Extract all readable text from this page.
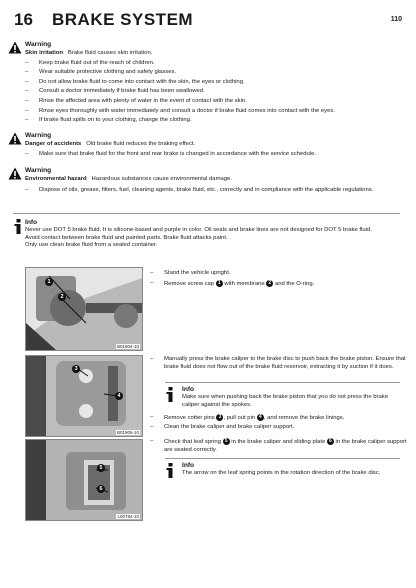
16 BRAKE SYSTEM	110
Warning
Skin irritation Brake fluid causes skin irritation.
– Keep brake fluid out of the reach of children.
– Wear suitable protective clothing and safety glasses.
– Do not allow brake fluid to come into contact with the skin, the eyes or clothing.
– Consult a doctor immediately if brake fluid has been swallowed.
– Rinse the affected area with plenty of water in the event of contact with the skin.
– Rinse eyes thoroughly with water immediately and consult a doctor if brake fluid comes into contact with the eyes.
– If brake fluid spills on to your clothing, change the clothing.
Warning
Danger of accidents Old brake fluid reduces the braking effect.
– Make sure that brake fluid for the front and rear brake is changed in accordance with the service schedule.
Warning
Environmental hazard Hazardous substances cause environmental damage.
– Dispose of oils, grease, filters, fuel, cleaning agents, brake fluid, etc., correctly and in compliance with the applicable regulations.
Info
Never use DOT 5 brake fluid. It is silicone-based and purple in color. Oil seals and brake lines are not designed for DOT 5 brake fluid.
Avoid contact between brake fluid and painted parts. Brake fluid attacks paint.
Only use clean brake fluid from a sealed container.
1
2
B01904-10
3
4
B01906-10
5
6
L00784-10
– Stand the vehicle upright.
– Remove screw cap 1 with membrane 2 and the O-ring.
– Manually press the brake caliper to the brake disc to push back the brake piston. Ensure that brake fluid does not flow out of the brake fluid reservoir, extracting it by suction if it does.
Info
Make sure when pushing back the brake piston that you do not press the brake caliper against the spokes.
– Remove cotter pins 3 , pull out pin 4 , and remove the brake linings.
– Clean the brake caliper and brake caliper support.
– Check that leaf spring 5 in the brake caliper and sliding plate 6 in the brake caliper support are seated correctly.
Info
The arrow on the leaf spring points in the rotation direction of the brake disc.
